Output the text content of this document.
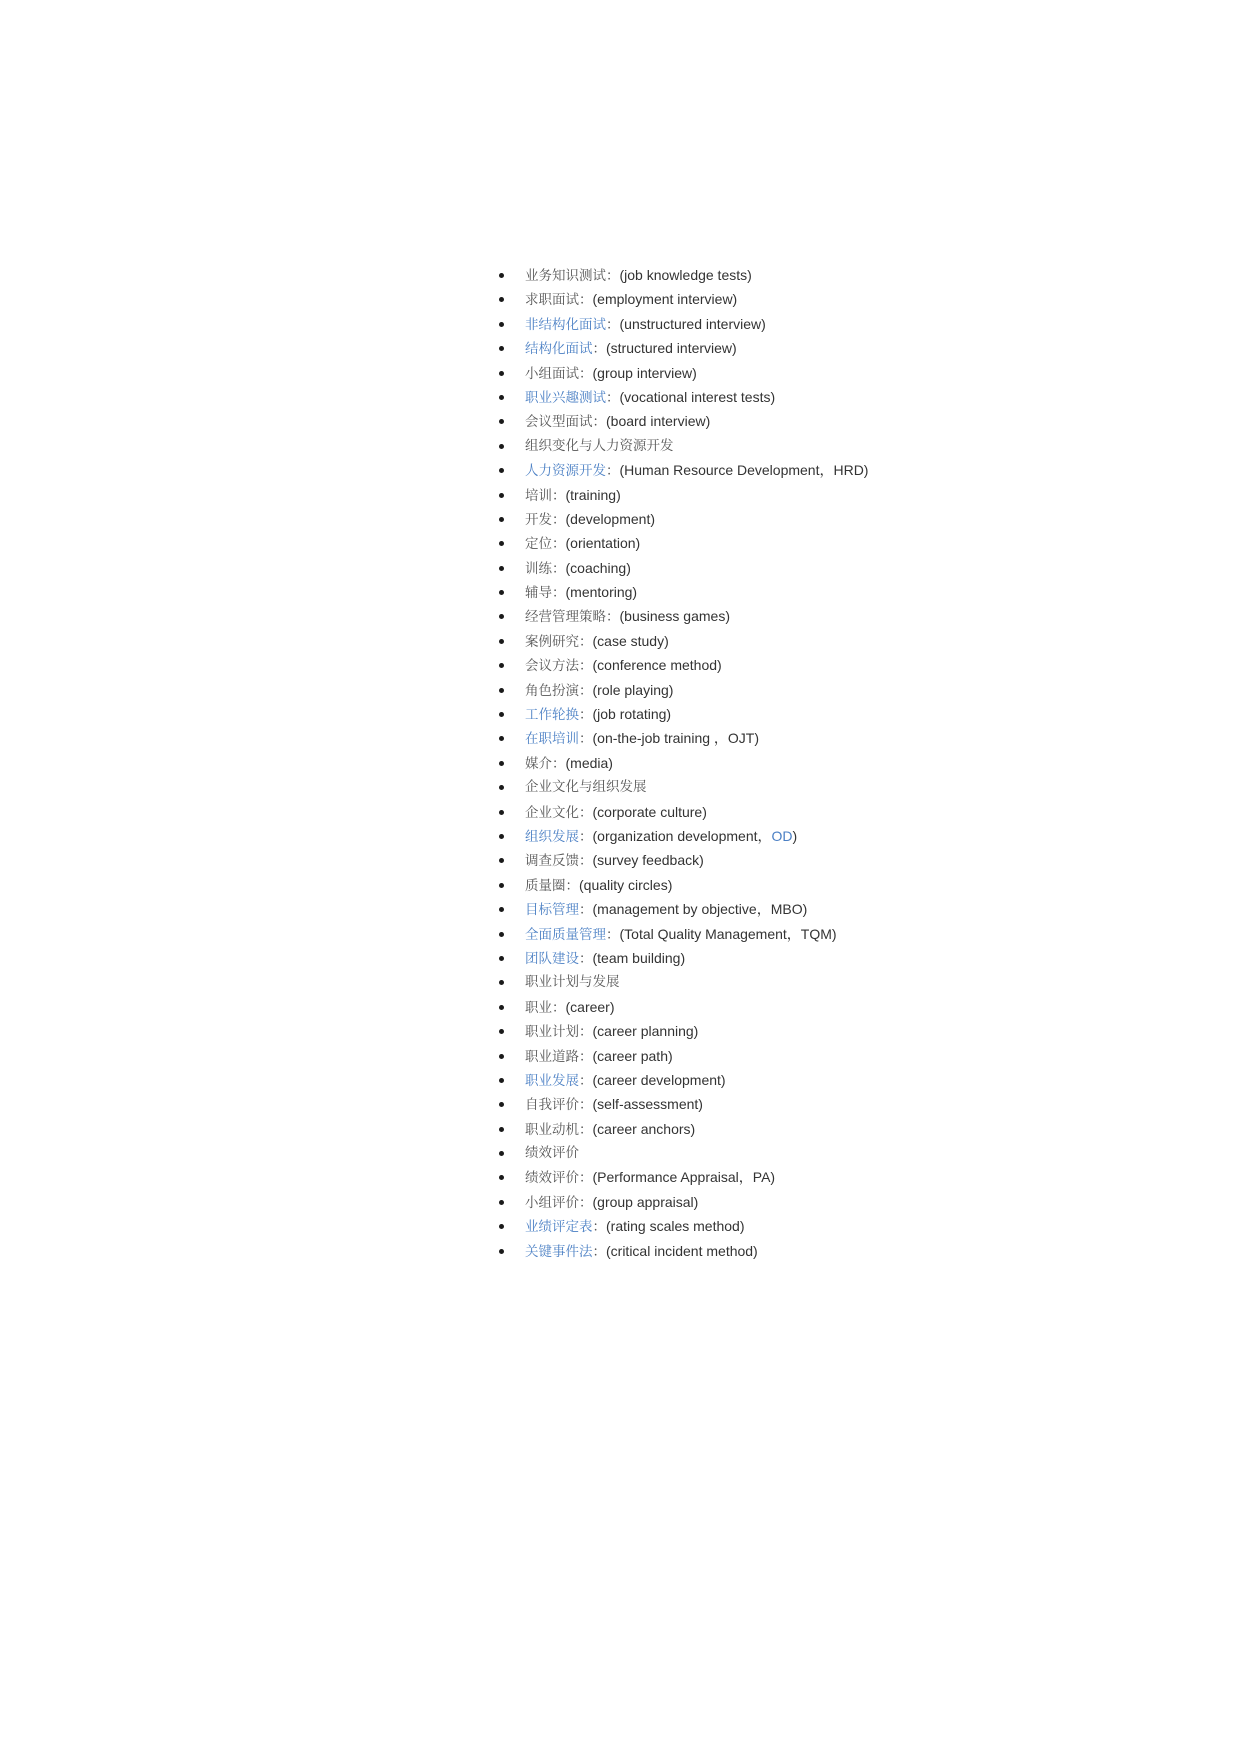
业务知识测试：(job knowledge tests)
求职面试：(employment interview)
非结构化面试：(unstructured interview)
结构化面试：(structured interview)
小组面试：(group interview)
职业兴趣测试：(vocational interest tests)
会议型面试：(board interview)
组织变化与人力资源开发
人力资源开发：(Human Resource Development，HRD)
培训：(training)
开发：(development)
定位：(orientation)
训练：(coaching)
辅导：(mentoring)
经营管理策略：(business games)
案例研究：(case study)
会议方法：(conference method)
角色扮演：(role playing)
工作轮换：(job rotating)
在职培训：(on-the-job training ，OJT)
媒介：(media)
企业文化与组织发展
企业文化：(corporate culture)
组织发展：(organization development，OD)
调查反馈：(survey feedback)
质量圈：(quality circles)
目标管理：(management by objective，MBO)
全面质量管理：(Total Quality Management，TQM)
团队建设：(team building)
职业计划与发展
职业：(career)
职业计划：(career planning)
职业道路：(career path)
职业发展：(career development)
自我评价：(self-assessment)
职业动机：(career anchors)
绩效评价
绩效评价：(Performance Appraisal，PA)
小组评价：(group appraisal)
业绩评定表：(rating scales method)
关键事件法：(critical incident method)
